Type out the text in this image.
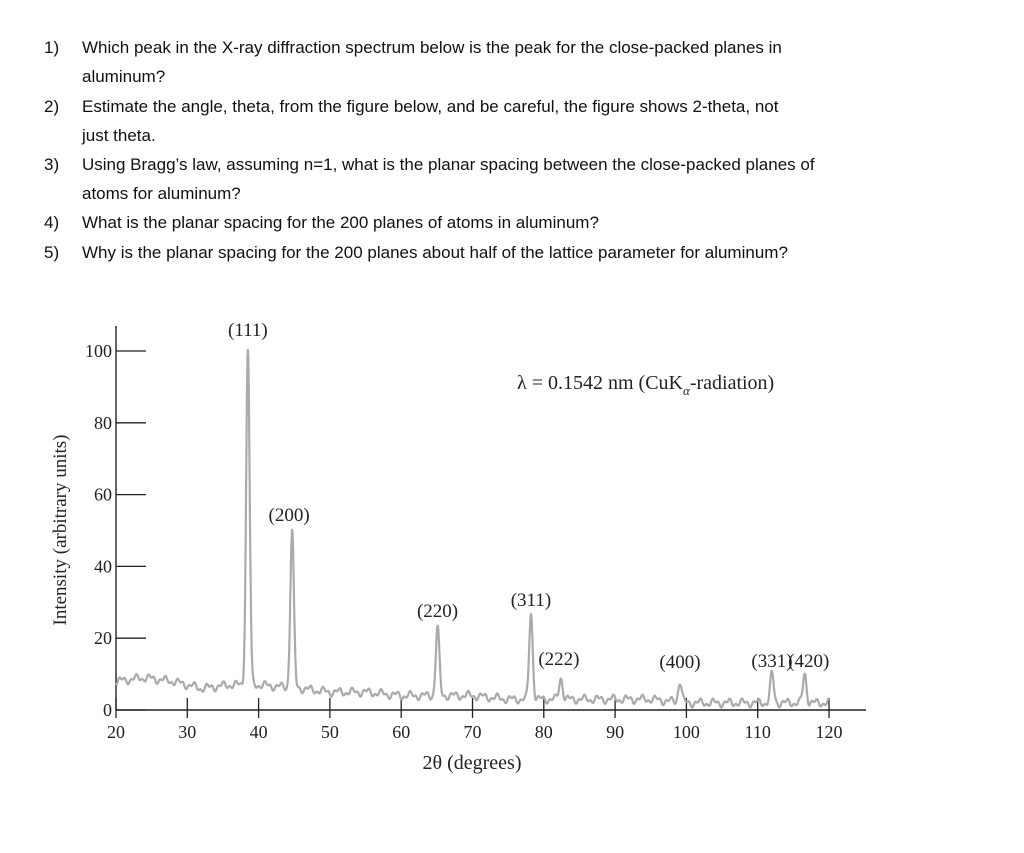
1) Which peak in the X-ray diffraction spectrum below is the peak for the close-packed planes in
aluminum?
2) Estimate the angle, theta, from the figure below, and be careful, the figure shows 2-theta, not
just theta.
3) Using Bragg’s law, assuming n=1, what is the planar spacing between the close-packed planes of
atoms for aluminum?
4) What is the planar spacing for the 200 planes of atoms in aluminum?
5) Why is the planar spacing for the 200 planes about half of the lattice parameter for aluminum?
0
20
40
60
80
100
20	30	40	50	60	70	80	90	100 110 120
2θ (degrees)
Intensity (arbitrary units)
λ = 0.1542 nm (CuK$_\alpha$-radiation)
(111)
(200)
(220)
(311)
(222)	(400)	(331)
(420)
